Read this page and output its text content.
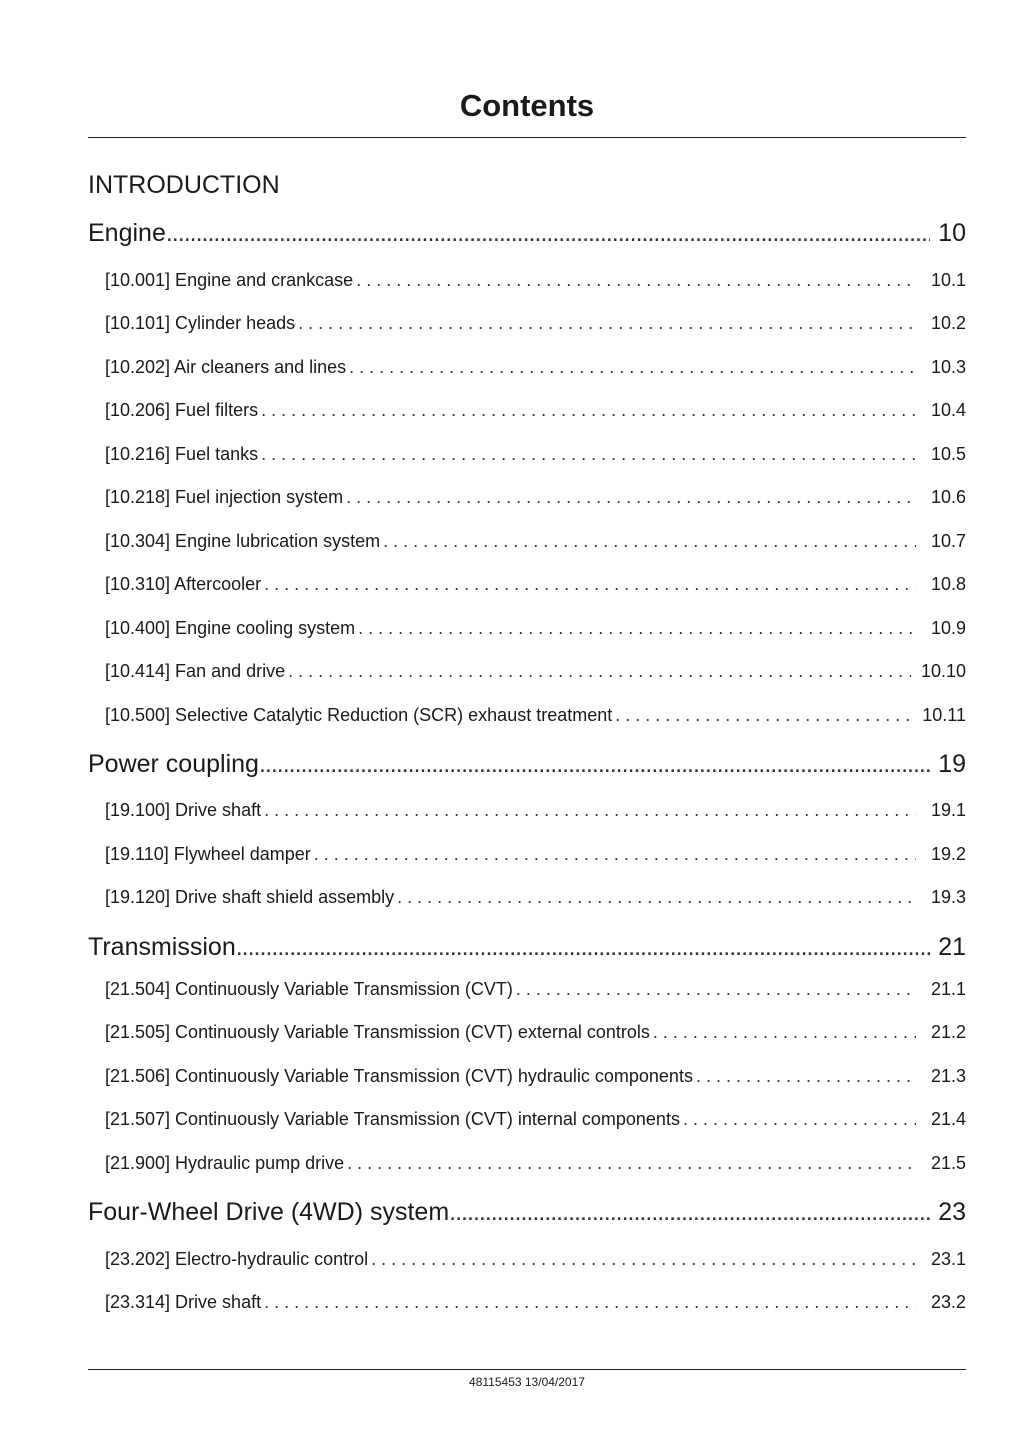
Contents

INTRODUCTION

Engine .....	10
[10.001] Engine and crankcase . . .	10.1
[10.101] Cylinder heads . . .	10.2
[10.202] Air cleaners and lines . . .	10.3
[10.206] Fuel filters . . .	10.4
[10.216] Fuel tanks . . .	10.5
[10.218] Fuel injection system . . .	10.6
[10.304] Engine lubrication system . . .	10.7
[10.310] Aftercooler . . .	10.8
[10.400] Engine cooling system . . .	10.9
[10.414] Fan and drive . . .	10.10
[10.500] Selective Catalytic Reduction (SCR) exhaust treatment . . .	10.11
Power coupling .....	19
[19.100] Drive shaft . . .	19.1
[19.110] Flywheel damper . . .	19.2
[19.120] Drive shaft shield assembly . . .	19.3
Transmission .....	21
[21.504] Continuously Variable Transmission (CVT) . . .	21.1
[21.505] Continuously Variable Transmission (CVT) external controls . . .	21.2
[21.506] Continuously Variable Transmission (CVT) hydraulic components . . .	21.3
[21.507] Continuously Variable Transmission (CVT) internal components . . .	21.4
[21.900] Hydraulic pump drive . . .	21.5
Four-Wheel Drive (4WD) system .....	23
[23.202] Electro-hydraulic control . . .	23.1
[23.314] Drive shaft . . .	23.2
48115453 13/04/2017
